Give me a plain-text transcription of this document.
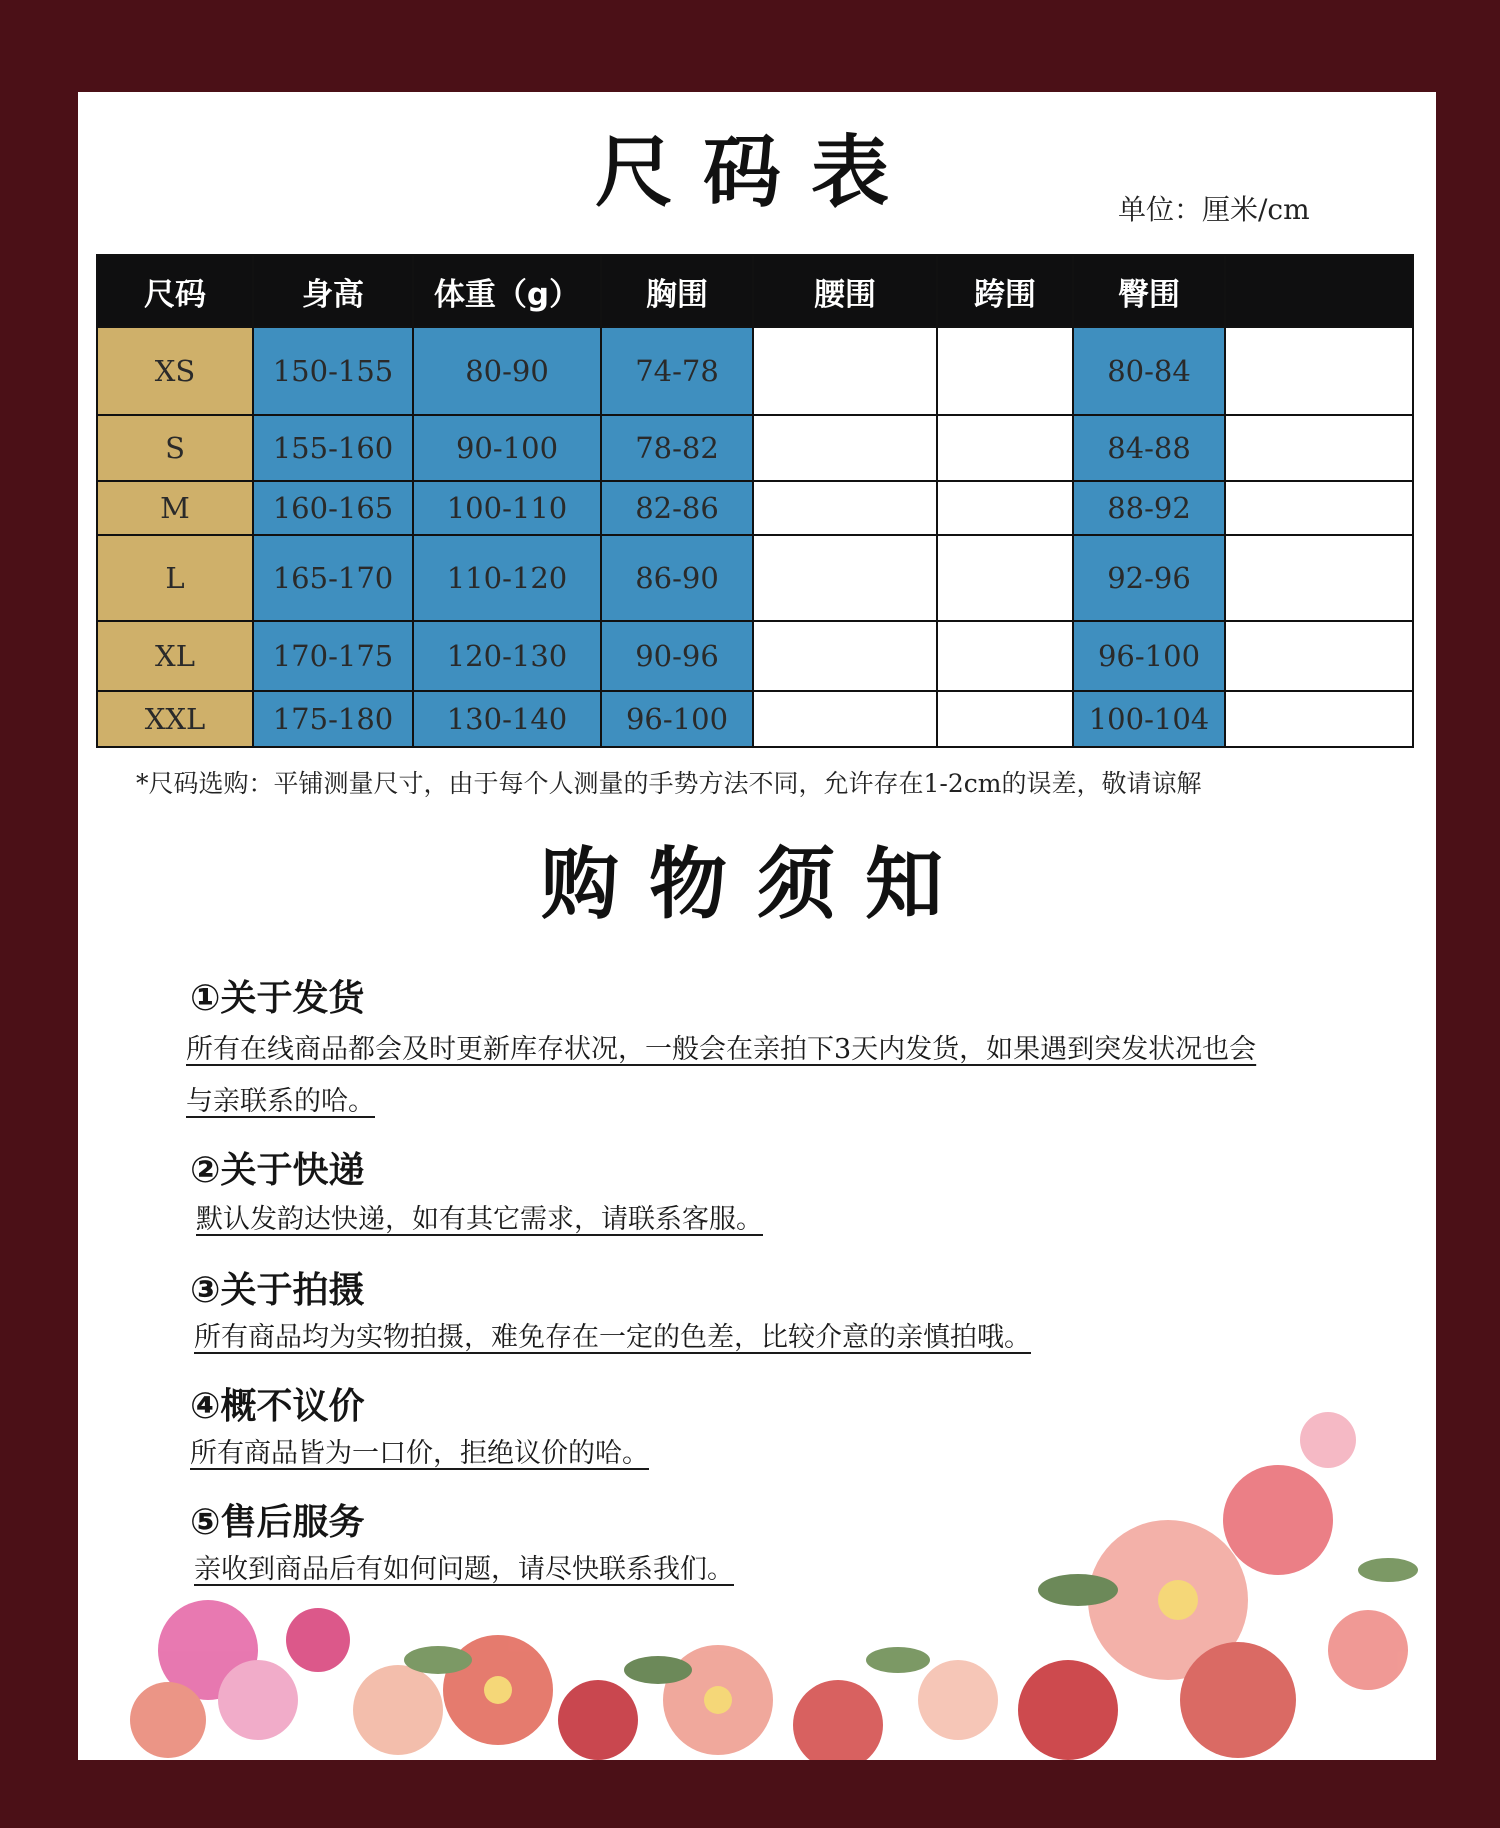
尺码表	单位：厘米/cm
尺码	身高	体重（g）	胸围	腰围	跨围	臀围	
XS	150-155	80-90	74-78			80-84	
S	155-160	90-100	78-82			84-88	
M	160-165	100-110	82-86			88-92	
L	165-170	110-120	86-90			92-96	
XL	170-175	120-130	90-96			96-100	
XXL	175-180	130-140	96-100			100-104	
*尺码选购：平铺测量尺寸，由于每个人测量的手势方法不同，允许存在1-2cm的误差，敬请谅解
购物须知
①关于发货
所有在线商品都会及时更新库存状况，一般会在亲拍下3天内发货，如果遇到突发状况也会
与亲联系的哈。
②关于快递
默认发韵达快递，如有其它需求，请联系客服。
③关于拍摄
所有商品均为实物拍摄，难免存在一定的色差，比较介意的亲慎拍哦。
④概不议价
所有商品皆为一口价，拒绝议价的哈。
⑤售后服务
亲收到商品后有如何问题，请尽快联系我们。
